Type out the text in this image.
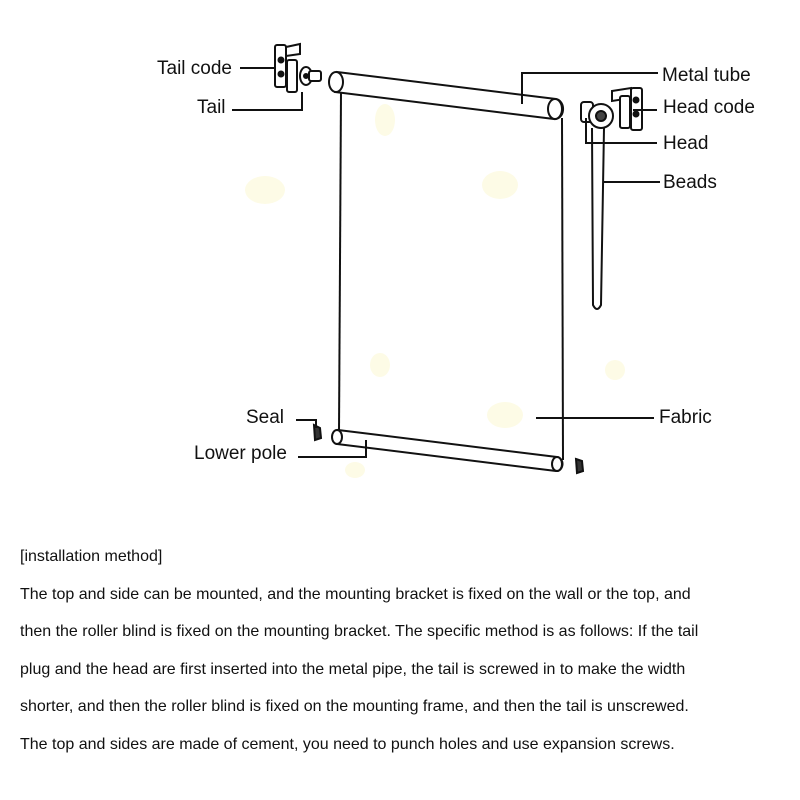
Tail code
Tail
Metal tube
Head code
Head
Beads
Seal	Fabric
Lower pole

[installation method]

The top and side can be mounted, and the mounting bracket is fixed on the wall or the top, and

then the roller blind is fixed on the mounting bracket. The specific method is as follows: If the tail

plug and the head are first inserted into the metal pipe, the tail is screwed in to make the width

shorter, and then the roller blind is fixed on the mounting frame, and then the tail is unscrewed.

The top and sides are made of cement, you need to punch holes and use expansion screws.
